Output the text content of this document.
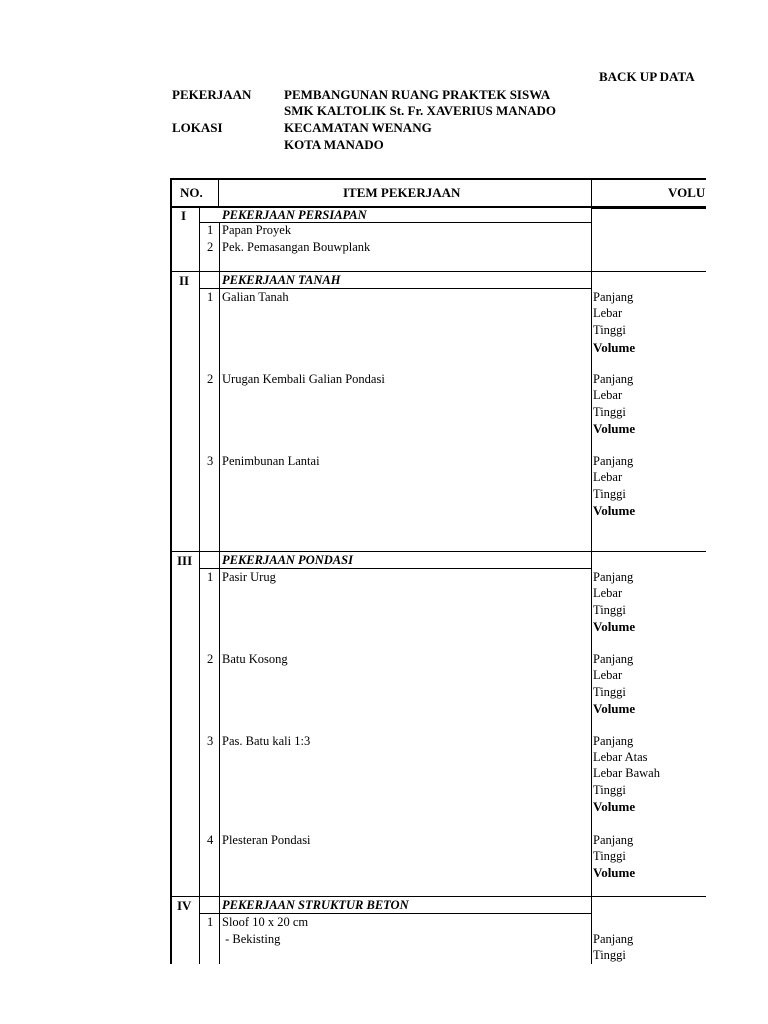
BACK UP DATA
PEKERJAAN	PEMBANGUNAN RUANG PRAKTEK SISWA
SMK KALTOLIK St. Fr. XAVERIUS MANADO
LOKASI	KECAMATAN WENANG
KOTA MANADO
NO.	ITEM PEKERJAAN	VOLU
I	PEKERJAAN PERSIAPAN
1 Papan Proyek
2 Pek. Pemasangan Bouwplank
II	PEKERJAAN TANAH
1 Galian Tanah	Panjang
Lebar
Tinggi
Volume
2 Urugan Kembali Galian Pondasi	Panjang
Lebar
Tinggi
Volume
3 Penimbunan Lantai	Panjang
Lebar
Tinggi
Volume
III PEKERJAAN PONDASI
1 Pasir Urug	Panjang
Lebar
Tinggi
Volume
2 Batu Kosong	Panjang
Lebar
Tinggi
Volume
3 Pas. Batu kali 1:3	Panjang
Lebar Atas
Lebar Bawah
Tinggi
Volume
4 Plesteran Pondasi	Panjang
Tinggi
Volume
IV PEKERJAAN STRUKTUR BETON
1 Sloof 10 x 20 cm
- Bekisting	Panjang
Tinggi
